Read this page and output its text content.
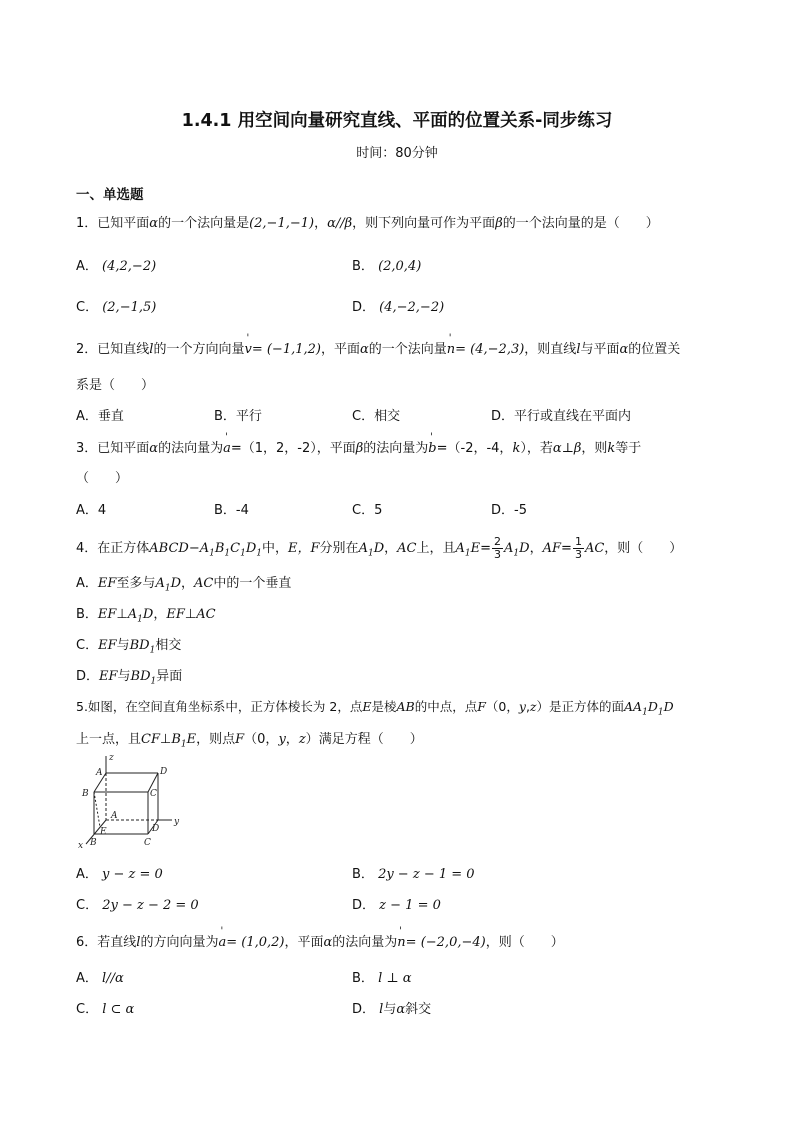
1.4.1 用空间向量研究直线、平面的位置关系-同步练习
时间：80分钟
一、单选题
1．已知平面α的一个法向量是(2,−1,−1)，α//β，则下列向量可作为平面β的一个法向量的是（　　）
A． (4,2,−2)	B． (2,0,4)
C． (2,−1,5)	D． (4,−2,−2)
2．已知直线l的一个方向向量' v= (−1,1,2)，平面α的一个法向量' n= (4,−2,3)，则直线l与平面α的位置关
系是（　　）
A．垂直	B．平行	C．相交	D．平行或直线在平面内
3．已知平面α的法向量为' a=（1，2，-2），平面β的法向量为' b=（-2，-4，k），若α⊥β，则k等于
（　　）
A．4	B．-4	C．5	D．-5
4．在正方体$ABCD-A_1B_1C_1D_1$中，E，F分别在$A_1D$，AC上，且$A_1E= \frac{2}{3} A_1D$，$AF= \frac{1}{3}$ AC，则（　　）
A．EF至多与$A_1D$，AC中的一个垂直
B．$EF\perp A_1D$，EF⊥AC
C．EF与$BD_1$相交
D．EF与$BD_1$异面
5.如图，在空间直角坐标系中，正方体棱长为 2，点E是棱AB的中点，点F（0，y,z）是正方体的面$AA_1D_1D$
上一点，且$CF\perp B_1E$，则点F（0，y，z）满足方程（　　）
z
y
x
A	D
B	C
A
D
E
B	C
A． y − z = 0	B． 2y − z − 1 = 0
C． 2y − z − 2 = 0	D． z − 1 = 0
6．若直线l的方向向量为' a= (1,0,2)，平面α的法向量为' n= (−2,0,−4)，则（　　）
A． l//α	B． l ⊥ α
C． l ⊂ α	D． l与α斜交
